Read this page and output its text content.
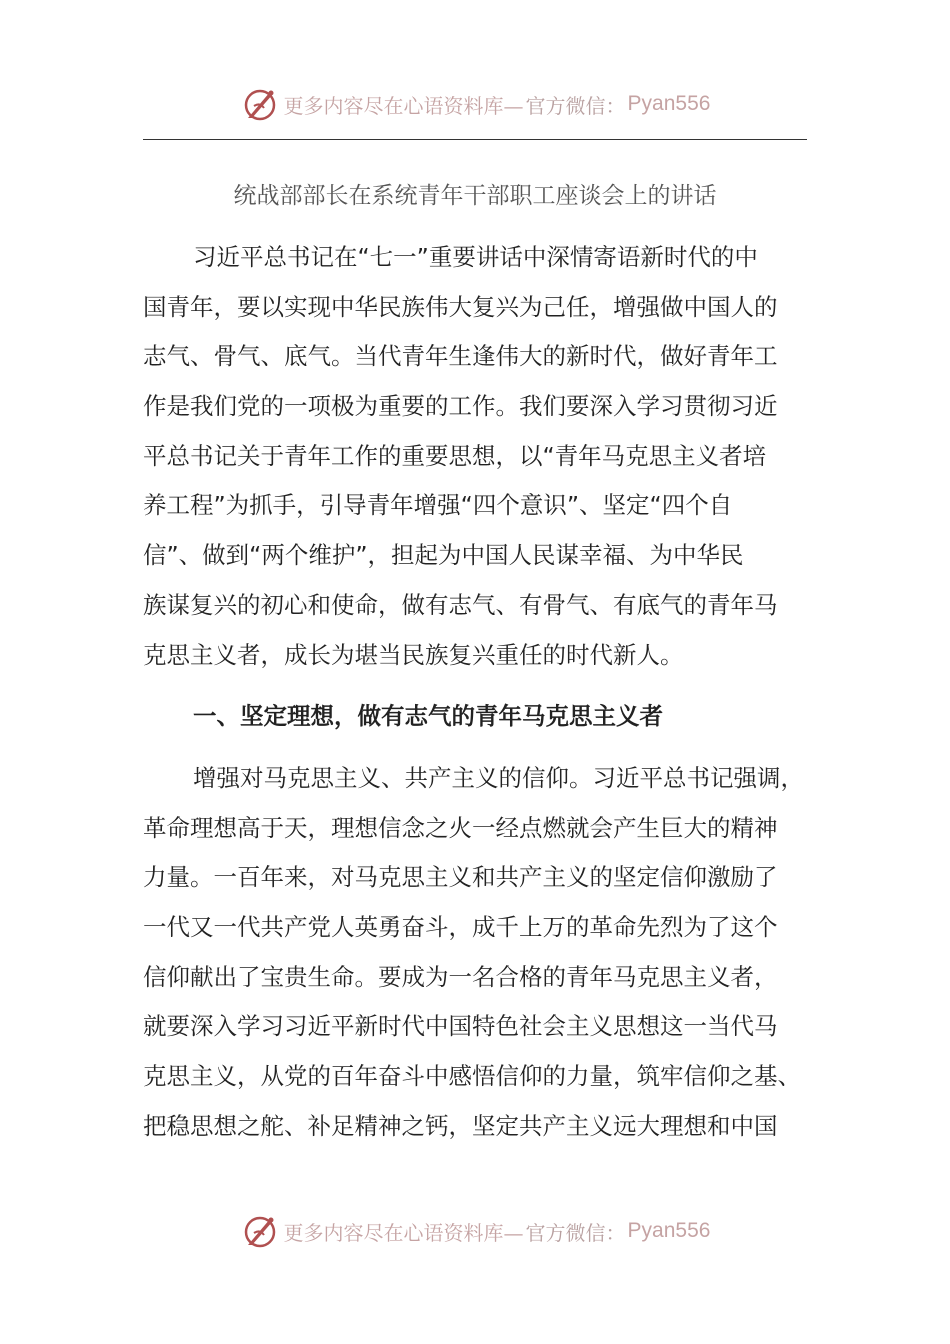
更多内容尽在心语资料库— 官方微信： Pyan556
统战部部长在系统青年干部职工座谈会上的讲话
习近平总书记在“七一”重要讲话中深情寄语新时代的中
国青年，要以实现中华民族伟大复兴为己任，增强做中国人的
志气、骨气、底气。当代青年生逢伟大的新时代，做好青年工
作是我们党的一项极为重要的工作。我们要深入学习贯彻习近
平总书记关于青年工作的重要思想，以“青年马克思主义者培
养工程”为抓手，引导青年增强“四个意识”、坚定“四个自
信”、做到“两个维护”，担起为中国人民谋幸福、为中华民
族谋复兴的初心和使命，做有志气、有骨气、有底气的青年马
克思主义者，成长为堪当民族复兴重任的时代新人。
一、坚定理想，做有志气的青年马克思主义者
增强对马克思主义、共产主义的信仰。习近平总书记强调，
革命理想高于天，理想信念之火一经点燃就会产生巨大的精神
力量。一百年来，对马克思主义和共产主义的坚定信仰激励了
一代又一代共产党人英勇奋斗，成千上万的革命先烈为了这个
信仰献出了宝贵生命。要成为一名合格的青年马克思主义者，
就要深入学习习近平新时代中国特色社会主义思想这一当代马
克思主义，从党的百年奋斗中感悟信仰的力量，筑牢信仰之基、
把稳思想之舵、补足精神之钙，坚定共产主义远大理想和中国
更多内容尽在心语资料库— 官方微信： Pyan556
